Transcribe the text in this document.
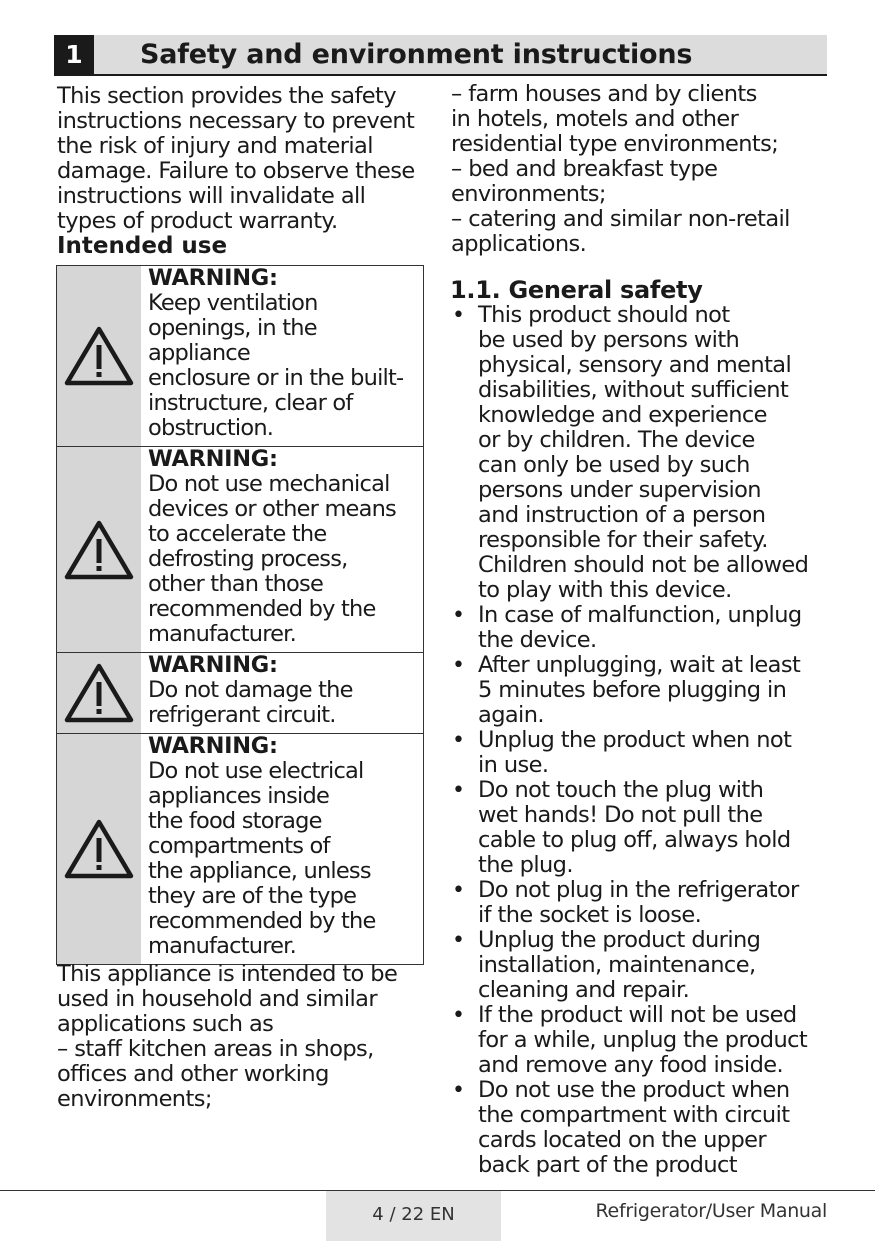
1	Safety and environment instructions

This section provides the safety
instructions necessary to prevent
the risk of injury and material
damage. Failure to observe these
instructions will invalidate all
types of product warranty.

Intended use

WARNING:
Keep ventilation
openings, in the appliance
enclosure or in the built-
instructure, clear of
obstruction.
WARNING:
Do not use mechanical
devices or other means
to accelerate the
defrosting process,
other than those
recommended by the
manufacturer.
WARNING:
Do not damage the
refrigerant circuit.
WARNING:
Do not use electrical
appliances inside
the food storage
compartments of
the appliance, unless
they are of the type
recommended by the
manufacturer.

This appliance is intended to be
used in household and similar
applications such as
– staff kitchen areas in shops,
offices and other working
environments;

– farm houses and by clients
in hotels, motels and other
residential type environments;
– bed and breakfast type
environments;
– catering and similar non-retail
applications.

1.1. General safety
• This product should not
be used by persons with
physical, sensory and mental
disabilities, without sufficient
knowledge and experience
or by children. The device
can only be used by such
persons under supervision
and instruction of a person
responsible for their safety.
Children should not be allowed
to play with this device.
• In case of malfunction, unplug
the device.
• After unplugging, wait at least
5 minutes before plugging in
again.
• Unplug the product when not
in use.
• Do not touch the plug with
wet hands! Do not pull the
cable to plug off, always hold
the plug.
• Do not plug in the refrigerator
if the socket is loose.
• Unplug the product during
installation, maintenance,
cleaning and repair.
• If the product will not be used
for a while, unplug the product
and remove any food inside.
• Do not use the product when
the compartment with circuit
cards located on the upper
back part of the product
4 / 22 EN	Refrigerator/User Manual
